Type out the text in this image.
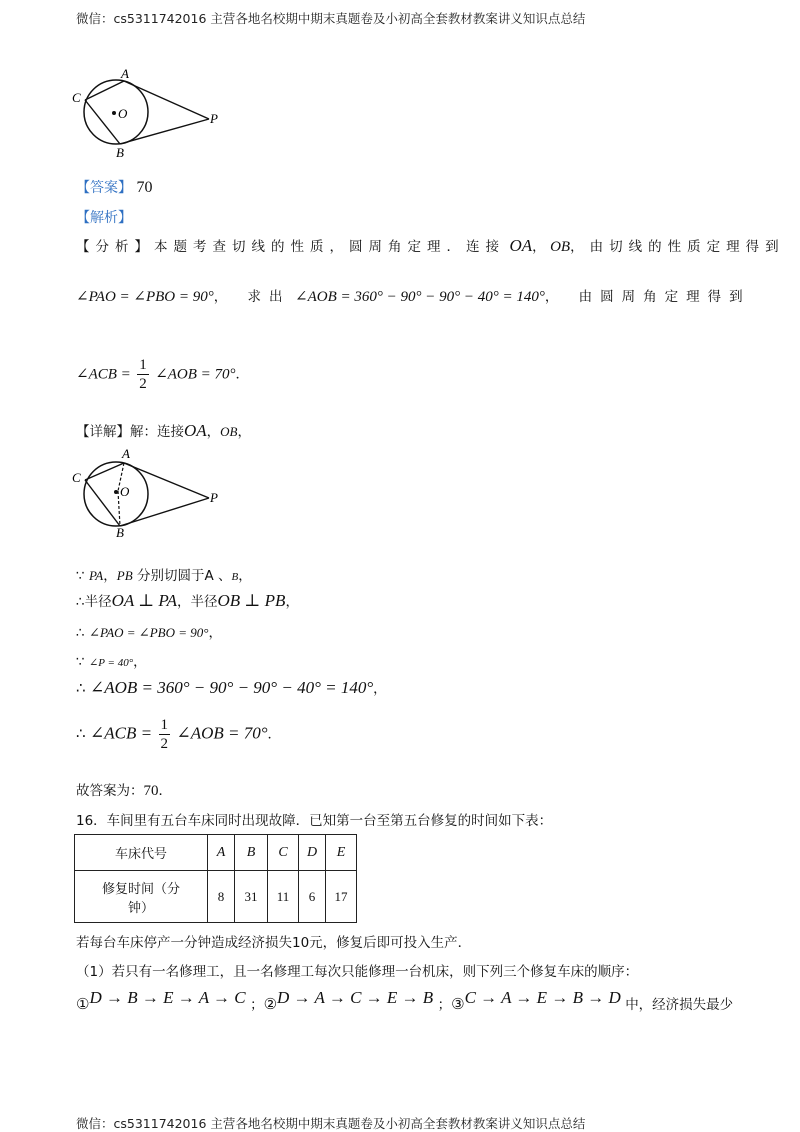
微信：cs5311742016 主营各地名校期中期末真题卷及小初高全套教材教案讲义知识点总结
A
C
O
B
P
【答案】 70
【解析】
【分析】本题考查切线的性质，圆周角定理．连接 OA， OB，由切线的性质定理得到
∠PAO = ∠PBO = 90°， 求出 ∠AOB = 360° − 90° − 90° − 40° = 140°， 由圆周角定理得到
∠ACB = $\frac{1}{2}$ ∠AOB = 70°．
【详解】解：连接OA，OB，
A
C
O
B
P
∵ PA，PB 分别切圆于A 、B，
∴半径OA ⊥ PA，半径OB ⊥ PB，
∴ ∠PAO = ∠PBO = 90°，
∵ ∠P = 40°，
∴ ∠AOB = 360° − 90° − 90° − 40° = 140°，
∴ ∠ACB = $\frac{1}{2}$ ∠AOB = 70°．
故答案为：70．
16．车间里有五台车床同时出现故障．已知第一台至第五台修复的时间如下表：
车床代号	A	B	C	D	E
修复时间（分
钟）	8	31	11	6	17
若每台车床停产一分钟造成经济损失10元，修复后即可投入生产．
（1）若只有一名修理工，且一名修理工每次只能修理一台机床，则下列三个修复车床的顺序：
①D → B → E → A → C ；②D → A → C → E → B ；③C → A → E → B → D 中，经济损失最少
微信：cs5311742016 主营各地名校期中期末真题卷及小初高全套教材教案讲义知识点总结
